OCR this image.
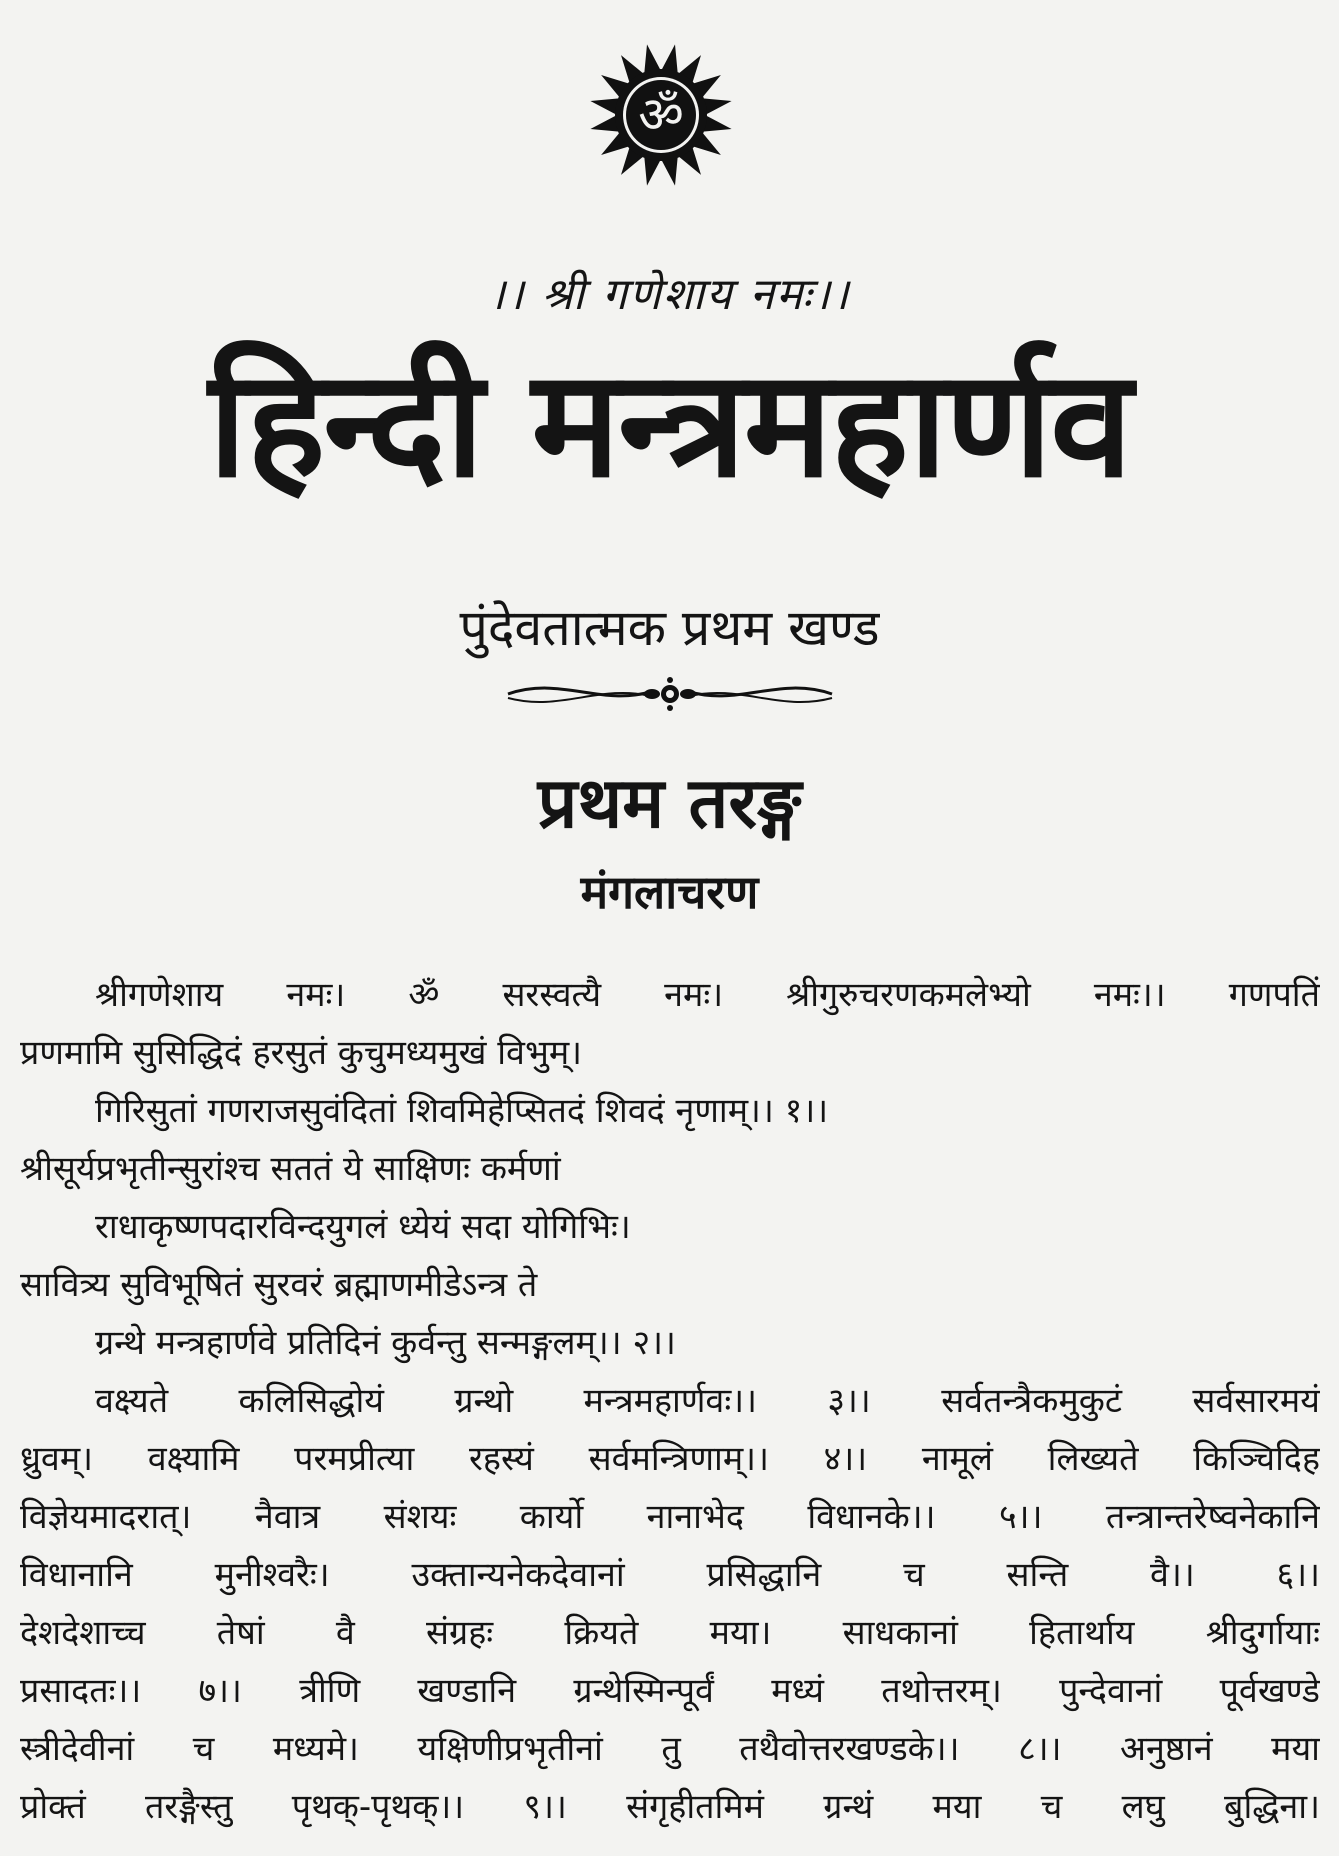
ॐ
।। श्री गणेशाय नमः।।
हिन्दी मन्त्रमहार्णव
पुंदेवतात्मक प्रथम खण्ड
प्रथम तरङ्ग
मंगलाचरण
श्रीगणेशाय नमः। ॐ सरस्वत्यै नमः। श्रीगुरुचरणकमलेभ्यो नमः।। गणपतिं
प्रणमामि सुसिद्धिदं हरसुतं कुचुमध्यमुखं विभुम्।
गिरिसुतां गणराजसुवंदितां शिवमिहेप्सितदं शिवदं नृणाम्।। १।।
श्रीसूर्यप्रभृतीन्सुरांश्च सततं ये साक्षिणः कर्मणां
राधाकृष्णपदारविन्दयुगलं ध्येयं सदा योगिभिः।
सावित्र्य सुविभूषितं सुरवरं ब्रह्माणमीडेऽन्त्र ते
ग्रन्थे मन्त्रहार्णवे प्रतिदिनं कुर्वन्तु सन्मङ्गलम्।। २।।
वक्ष्यते कलिसिद्धोयं ग्रन्थो मन्त्रमहार्णवः।। ३।। सर्वतन्त्रैकमुकुटं सर्वसारमयं
ध्रुवम्। वक्ष्यामि परमप्रीत्या रहस्यं सर्वमन्त्रिणाम्।। ४।। नामूलं लिख्यते किञ्चिदिह
विज्ञेयमादरात्। नैवात्र संशयः कार्यो नानाभेद विधानके।। ५।। तन्त्रान्तरेष्वनेकानि
विधानानि मुनीश्वरैः। उक्तान्यनेकदेवानां प्रसिद्धानि च सन्ति वै।। ६।।
देशदेशाच्च तेषां वै संग्रहः क्रियते मया। साधकानां हितार्थाय श्रीदुर्गायाः
प्रसादतः।। ७।। त्रीणि खण्डानि ग्रन्थेस्मिन्पूर्वं मध्यं तथोत्तरम्। पुन्देवानां पूर्वखण्डे
स्त्रीदेवीनां च मध्यमे। यक्षिणीप्रभृतीनां तु तथैवोत्तरखण्डके।। ८।। अनुष्ठानं मया
प्रोक्तं तरङ्गैस्तु पृथक्-पृथक्।। ९।। संगृहीतमिमं ग्रन्थं मया च लघु बुद्धिना।
